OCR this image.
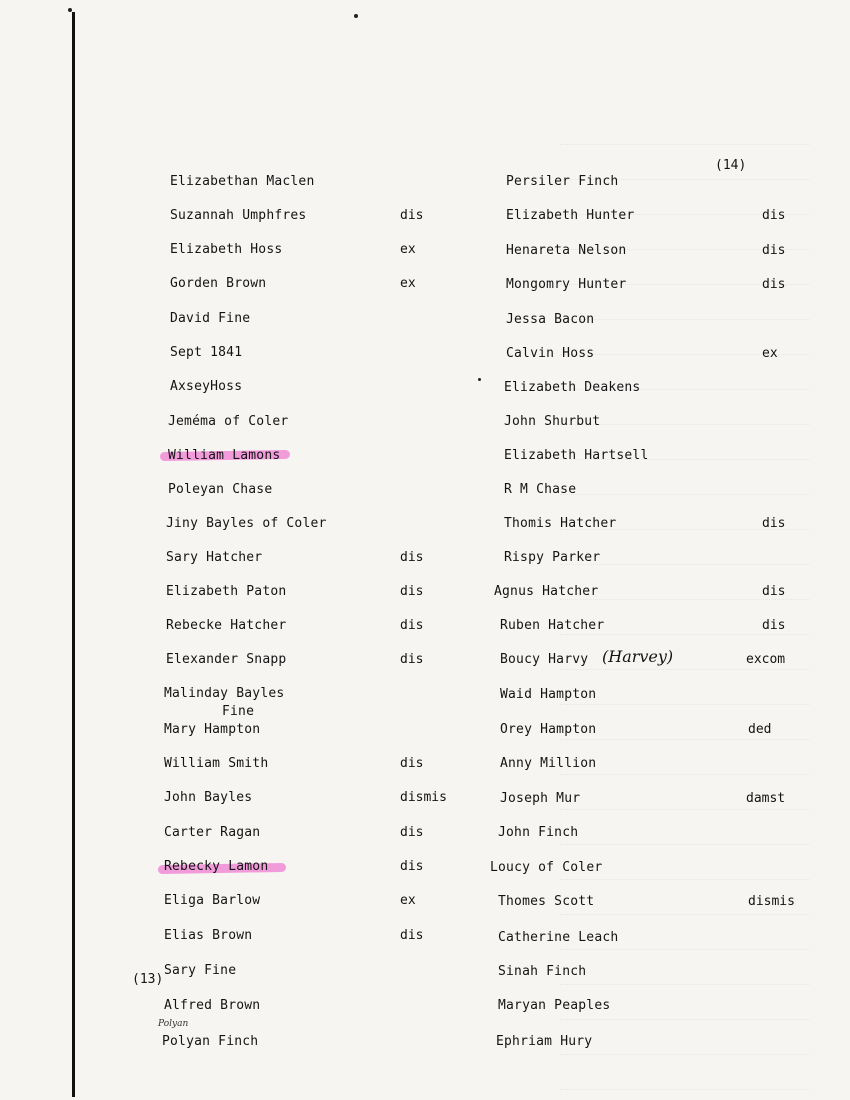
(14)
(13)
Elizabethan Maclen
Suzannah Umphfres	dis
Elizabeth Hoss	ex
Gorden Brown	ex
David Fine
Sept 1841
AxseyHoss
Jeméma of Coler
William Lamons
Poleyan Chase
Jiny Bayles of Coler
Sary Hatcher	dis
Elizabeth Paton	dis
Rebecke Hatcher	dis
Elexander Snapp	dis
Malinday Bayles
Mary Hampton
William Smith	dis
John Bayles	dismis
Carter Ragan	dis
Rebecky Lamon	dis
Eliga Barlow	ex
Elias Brown	dis
Sary Fine
Alfred Brown
Polyan Finch
Persiler Finch
Elizabeth Hunter	dis
Henareta Nelson	dis
Mongomry Hunter	dis
Jessa Bacon
Calvin Hoss	ex
Elizabeth Deakens
John Shurbut
Elizabeth Hartsell
R M Chase
Thomis Hatcher	dis
Rispy Parker
Agnus Hatcher	dis
Ruben Hatcher	dis
Boucy Harvy	excom
Waid Hampton
Orey Hampton	ded
Anny Million
Joseph Mur	damst
John Finch
Loucy of Coler
Thomes Scott	dismis
Catherine Leach
Sinah Finch
Maryan Peaples
Ephriam Hury
Fine
(Harvey)
Polyan
